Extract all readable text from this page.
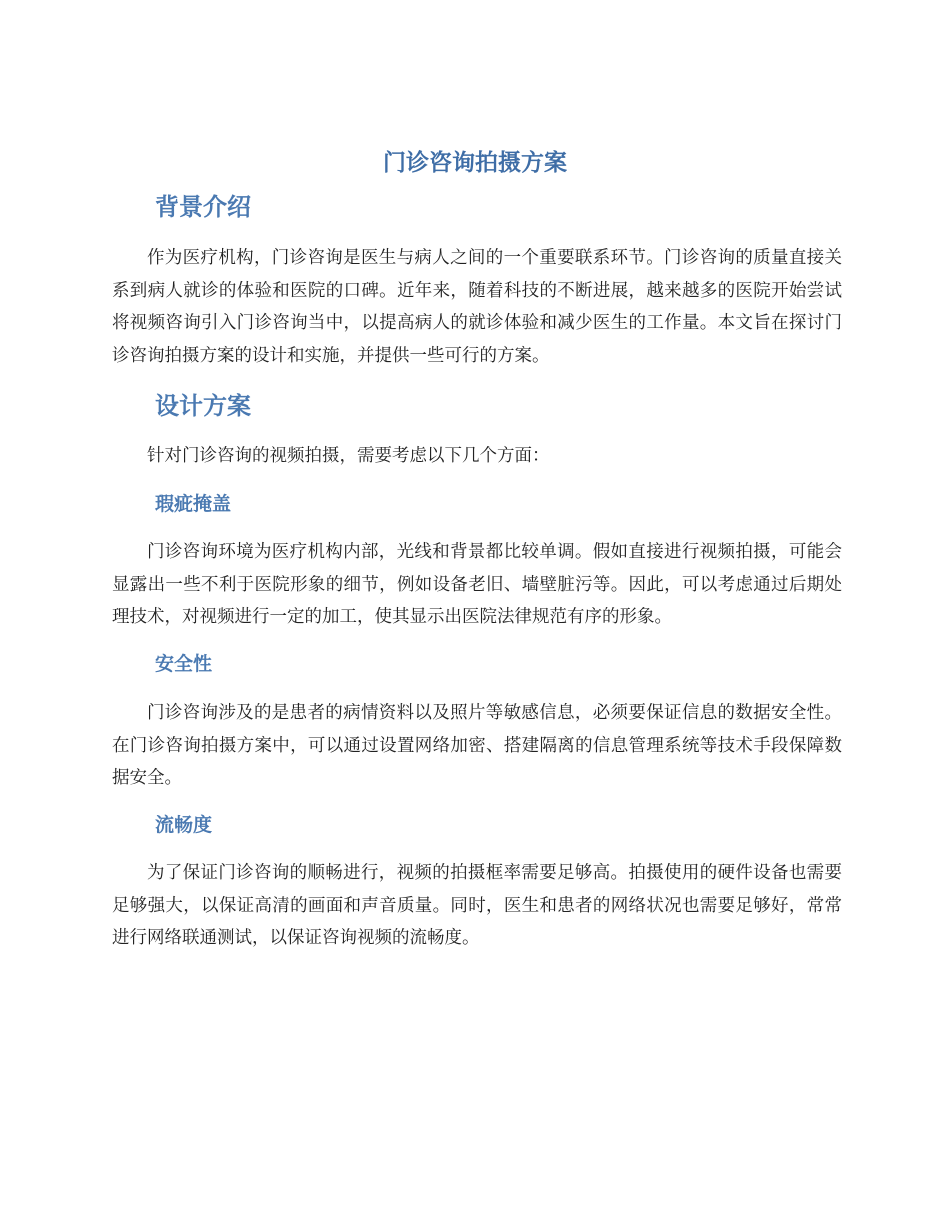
门诊咨询拍摄方案
背景介绍

作为医疗机构，门诊咨询是医生与病人之间的一个重要联系环节。门诊咨询的质量直接关系到病人就诊的体验和医院的口碑。近年来，随着科技的不断进展，越来越多的医院开始尝试将视频咨询引入门诊咨询当中，以提高病人的就诊体验和减少医生的工作量。本文旨在探讨门诊咨询拍摄方案的设计和实施，并提供一些可行的方案。

设计方案

针对门诊咨询的视频拍摄，需要考虑以下几个方面：

瑕疵掩盖

门诊咨询环境为医疗机构内部，光线和背景都比较单调。假如直接进行视频拍摄，可能会显露出一些不利于医院形象的细节，例如设备老旧、墙壁脏污等。因此，可以考虑通过后期处理技术，对视频进行一定的加工，使其显示出医院法律规范有序的形象。

安全性

门诊咨询涉及的是患者的病情资料以及照片等敏感信息，必须要保证信息的数据安全性。在门诊咨询拍摄方案中，可以通过设置网络加密、搭建隔离的信息管理系统等技术手段保障数据安全。

流畅度

为了保证门诊咨询的顺畅进行，视频的拍摄框率需要足够高。拍摄使用的硬件设备也需要足够强大，以保证高清的画面和声音质量。同时，医生和患者的网络状况也需要足够好，常常进行网络联通测试，以保证咨询视频的流畅度。
